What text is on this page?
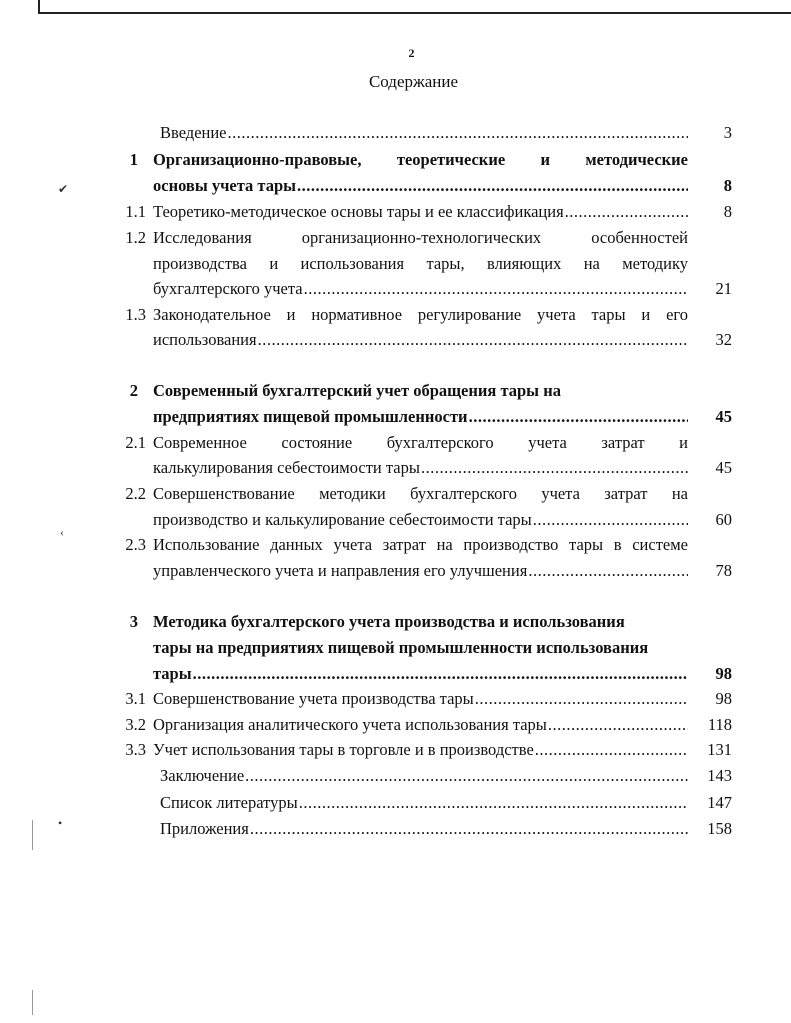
✔
‹
•
2
Содержание
Введение .....	3
1 Организационно-правовые, теоретические и методические
основы учета тары .....	8
1.1 Теоретико-методическое основы тары и ее классификация .....	8
1.2 Исследования организационно-технологических особенностей
производства и использования тары, влияющих на методику
бухгалтерского учета .....	21
1.3 Законодательное и нормативное регулирование учета тары и его
использования .....	32
2 Современный бухгалтерский учет обращения тары на
предприятиях пищевой промышленности .....	45
2.1 Современное состояние бухгалтерского учета затрат и
калькулирования себестоимости тары .....	45
2.2 Совершенствование методики бухгалтерского учета затрат на
производство и калькулирование себестоимости тары .....	60
2.3 Использование данных учета затрат на производство тары в системе
управленческого учета и направления его улучшения .....	78
3 Методика бухгалтерского учета производства и использования
тары на предприятиях пищевой промышленности использования
тары .....	98
3.1 Совершенствование учета производства тары .....	98
3.2 Организация аналитического учета использования тары .....	118
3.3 Учет использования тары в торговле и в производстве .....	131
Заключение .....	143
Список литературы .....	147
Приложения .....	158
